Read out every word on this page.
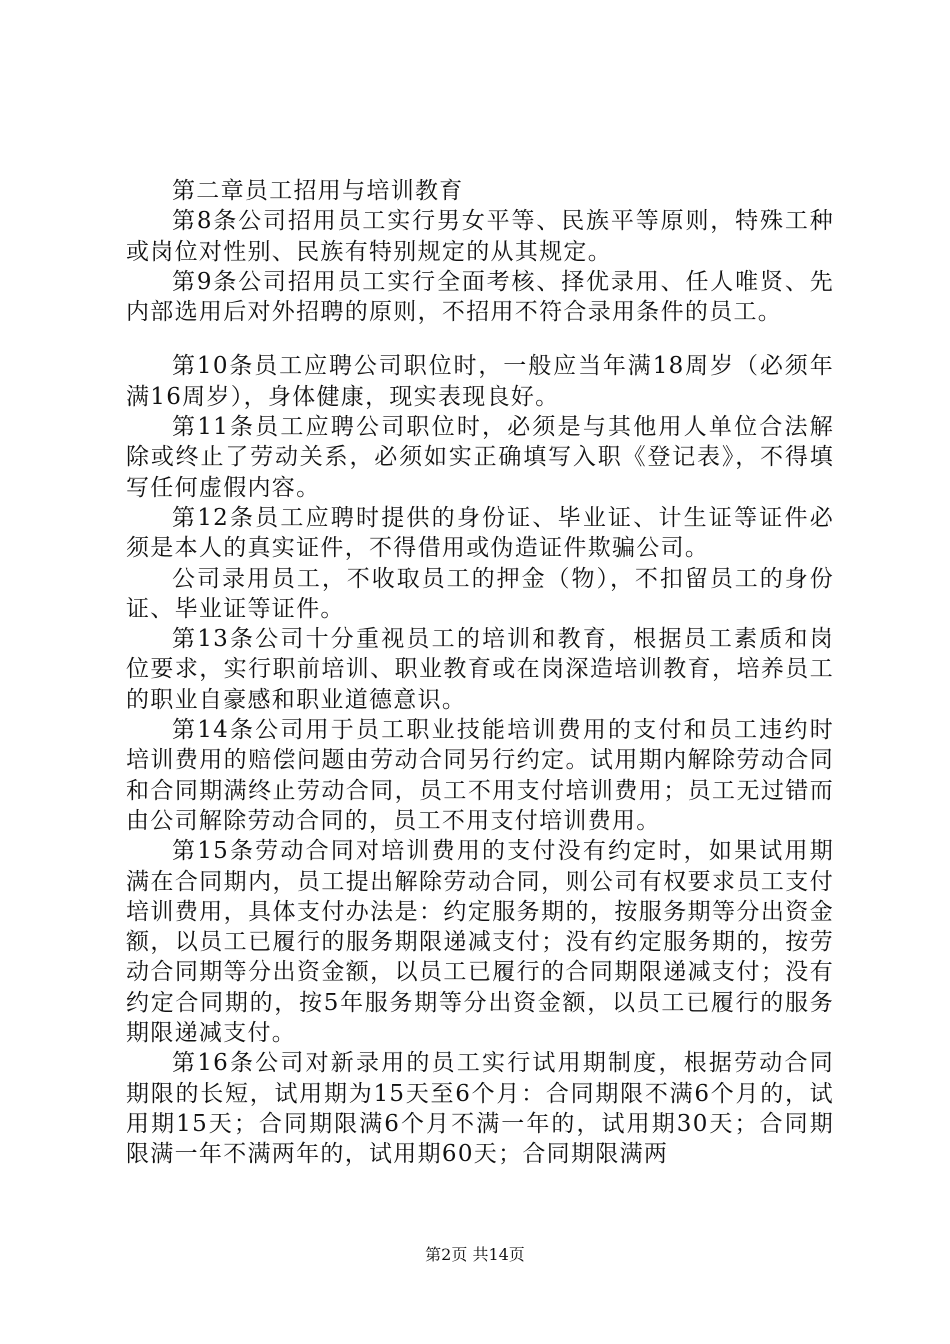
第二章员工招用与培训教育

第8条公司招用员工实行男女平等、民族平等原则，特殊工种或岗位对性别、民族有特别规定的从其规定。

第9条公司招用员工实行全面考核、择优录用、任人唯贤、先内部选用后对外招聘的原则，不招用不符合录用条件的员工。

第10条员工应聘公司职位时，一般应当年满18周岁（必须年满16周岁），身体健康，现实表现良好。

第11条员工应聘公司职位时，必须是与其他用人单位合法解除或终止了劳动关系，必须如实正确填写入职《登记表》，不得填写任何虚假内容。

第12条员工应聘时提供的身份证、毕业证、计生证等证件必须是本人的真实证件，不得借用或伪造证件欺骗公司。

公司录用员工，不收取员工的押金（物），不扣留员工的身份证、毕业证等证件。

第13条公司十分重视员工的培训和教育，根据员工素质和岗位要求，实行职前培训、职业教育或在岗深造培训教育，培养员工的职业自豪感和职业道德意识。

第14条公司用于员工职业技能培训费用的支付和员工违约时培训费用的赔偿问题由劳动合同另行约定。试用期内解除劳动合同和合同期满终止劳动合同，员工不用支付培训费用；员工无过错而由公司解除劳动合同的，员工不用支付培训费用。

第15条劳动合同对培训费用的支付没有约定时，如果试用期满在合同期内，员工提出解除劳动合同，则公司有权要求员工支付培训费用，具体支付办法是：约定服务期的，按服务期等分出资金额，以员工已履行的服务期限递减支付；没有约定服务期的，按劳动合同期等分出资金额，以员工已履行的合同期限递减支付；没有约定合同期的，按5年服务期等分出资金额，以员工已履行的服务期限递减支付。

第16条公司对新录用的员工实行试用期制度，根据劳动合同期限的长短，试用期为15天至6个月：合同期限不满6个月的，试用期15天；合同期限满6个月不满一年的，试用期30天；合同期限满一年不满两年的，试用期60天；合同期限满两

第2页 共14页
